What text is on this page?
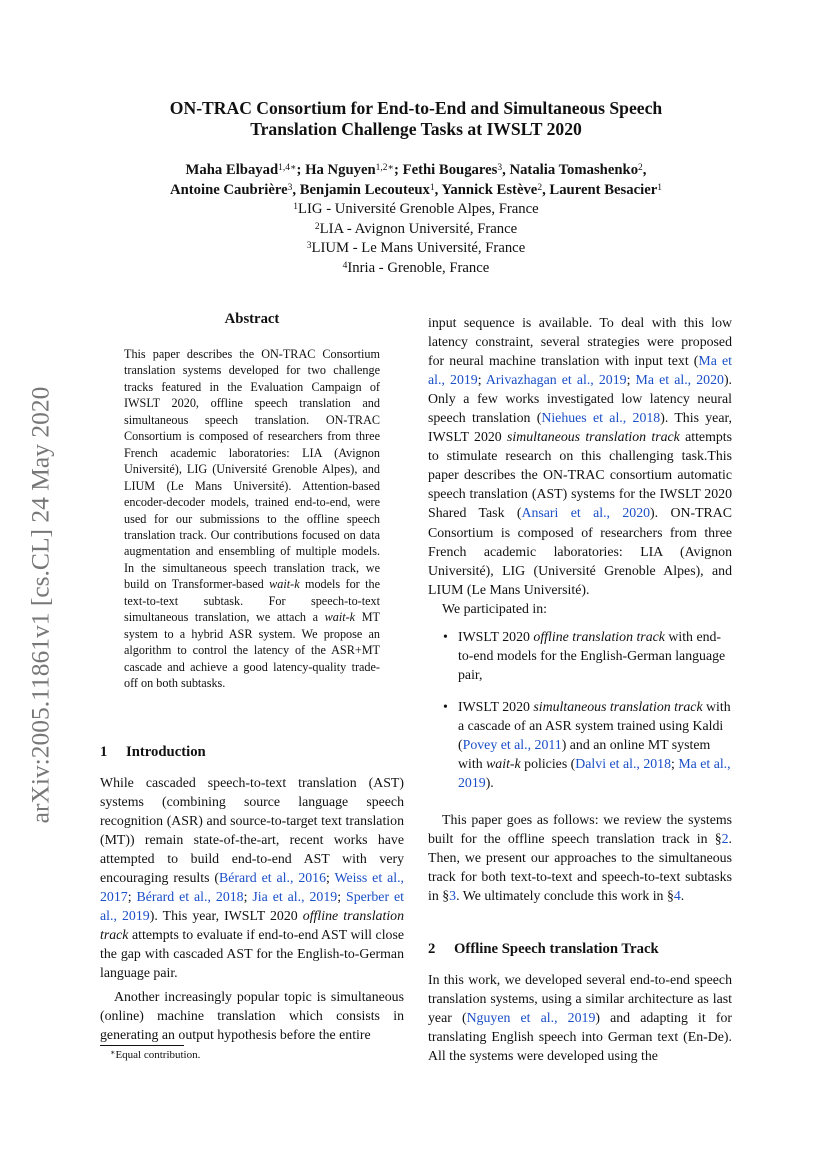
arXiv:2005.11861v1 [cs.CL] 24 May 2020
ON-TRAC Consortium for End-to-End and Simultaneous Speech
Translation Challenge Tasks at IWSLT 2020
Maha Elbayad$^{1,4∗}$; Ha Nguyen$^{1,2∗}$; Fethi Bougares$^3$, Natalia Tomashenko$^2$,
Antoine Caubrière$^3$, Benjamin Lecouteux$^1$, Yannick Estève$^2$, Laurent Besacier$^1$
$^1$LIG - Université Grenoble Alpes, France
$^2$LIA - Avignon Université, France
$^3$LIUM - Le Mans Université, France
$^4$Inria - Grenoble, France
Abstract

This paper describes the ON-TRAC Consortium translation systems developed for two challenge tracks featured in the Evaluation Campaign of IWSLT 2020, offline speech translation and simultaneous speech translation. ON-TRAC Consortium is composed of researchers from three French academic laboratories: LIA (Avignon Université), LIG (Université Grenoble Alpes), and LIUM (Le Mans Université). Attention-based encoder-decoder models, trained end-to-end, were used for our submissions to the offline speech translation track. Our contributions focused on data augmentation and ensembling of multiple models. In the simultaneous speech translation track, we build on Transformer-based wait-k models for the text-to-text subtask. For speech-to-text simultaneous translation, we attach a wait-k MT system to a hybrid ASR system. We propose an algorithm to control the latency of the ASR+MT cascade and achieve a good latency-quality trade-off on both subtasks.

1 Introduction

While cascaded speech-to-text translation (AST) systems (combining source language speech recognition (ASR) and source-to-target text translation (MT)) remain state-of-the-art, recent works have attempted to build end-to-end AST with very encouraging results (Bérard et al., 2016; Weiss et al., 2017; Bérard et al., 2018; Jia et al., 2019; Sperber et al., 2019). This year, IWSLT 2020 offline translation track attempts to evaluate if end-to-end AST will close the gap with cascaded AST for the English-to-German language pair.

Another increasingly popular topic is simultaneous (online) machine translation which consists in generating an output hypothesis before the entire

input sequence is available. To deal with this low latency constraint, several strategies were proposed for neural machine translation with input text (Ma et al., 2019; Arivazhagan et al., 2019; Ma et al., 2020). Only a few works investigated low latency neural speech translation (Niehues et al., 2018). This year, IWSLT 2020 simultaneous translation track attempts to stimulate research on this challenging task.This paper describes the ON-TRAC consortium automatic speech translation (AST) systems for the IWSLT 2020 Shared Task (Ansari et al., 2020). ON-TRAC Consortium is composed of researchers from three French academic laboratories: LIA (Avignon Université), LIG (Université Grenoble Alpes), and LIUM (Le Mans Université).

We participated in:

• IWSLT 2020 offline translation track with end-to-end models for the English-German language pair,
• IWSLT 2020 simultaneous translation track with a cascade of an ASR system trained using Kaldi (Povey et al., 2011) and an online MT system with wait-k policies (Dalvi et al., 2018; Ma et al., 2019).

This paper goes as follows: we review the systems built for the offline speech translation track in §2. Then, we present our approaches to the simultaneous track for both text-to-text and speech-to-text subtasks in §3. We ultimately conclude this work in §4.

2 Offline Speech translation Track

In this work, we developed several end-to-end speech translation systems, using a similar architecture as last year (Nguyen et al., 2019) and adapting it for translating English speech into German text (En-De). All the systems were developed using the

∗Equal contribution.
